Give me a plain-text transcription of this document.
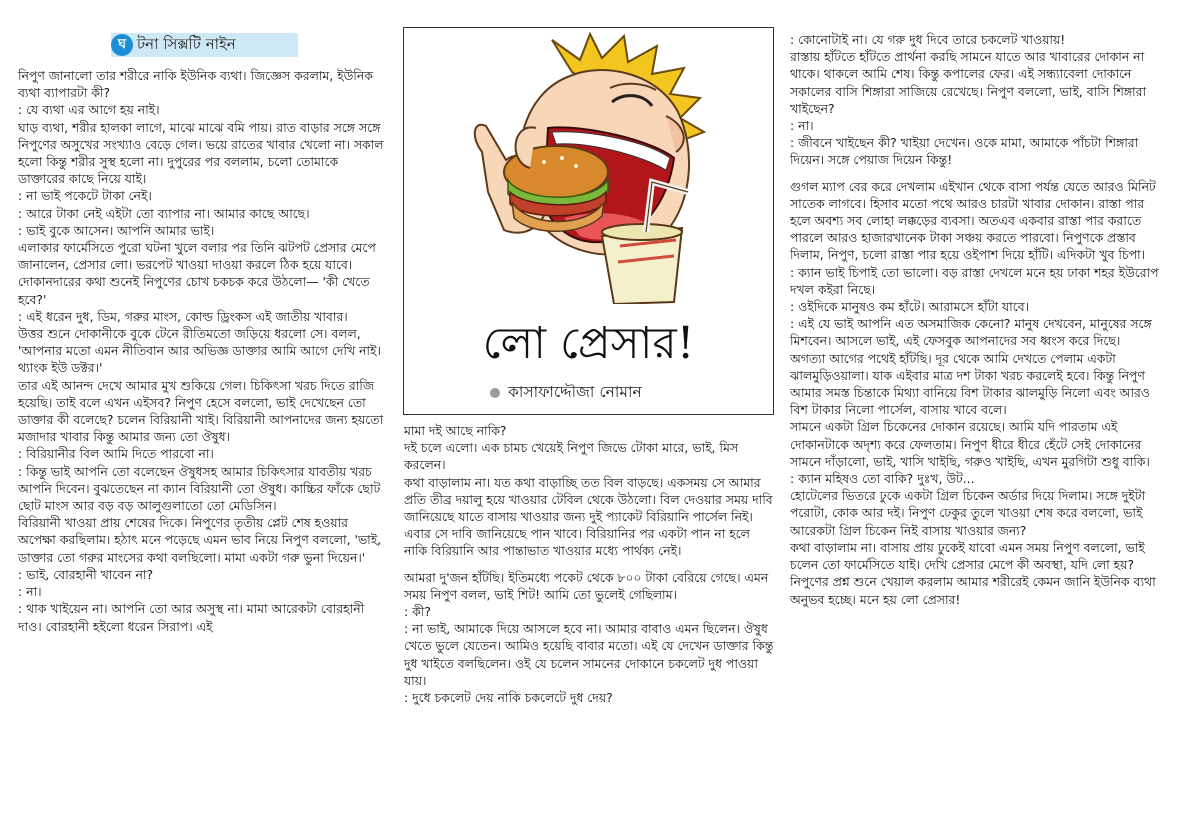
ঘ টনা সিক্সটি নাইন

নিপুণ জানালো তার শরীরে নাকি ইউনিক ব্যথা। জিজ্ঞেস করলাম, ইউনিক ব্যথা ব্যাপারটা কী?

: যে ব্যথা এর আগে হয় নাই।

ঘাড় ব্যথা, শরীর হালকা লাগে, মাঝে মাঝে বমি পায়। রাত বাড়ার সঙ্গে সঙ্গে নিপুণের অসুখের সংখ্যাও বেড়ে গেল। ভয়ে রাতের খাবার খেলো না। সকাল হলো কিন্তু শরীর সুস্থ হলো না। দুপুরের পর বললাম, চলো তোমাকে ডাক্তারের কাছে নিয়ে যাই।

: না ভাই পকেটে টাকা নেই।

: আরে টাকা নেই এইটা তো ব্যাপার না। আমার কাছে আছে।

: ভাই বুকে আসেন। আপনি আমার ভাই।

এলাকার ফার্মেসিতে পুরো ঘটনা খুলে বলার পর তিনি ঝটপট প্রেসার মেপে জানালেন, প্রেসার লো। ভরপেট খাওয়া দাওয়া করলে ঠিক হয়ে যাবে। দোকানদারের কথা শুনেই নিপুণের চোখ চকচক করে উঠলো— 'কী খেতে হবে?'

: এই ধরেন দুধ, ডিম, গরুর মাংস, কোল্ড ড্রিংকস এই জাতীয় খাবার।

উত্তর শুনে দোকানীকে বুকে টেনে রীতিমতো জড়িয়ে ধরলো সে। বলল, 'আপনার মতো এমন নীতিবান আর অভিজ্ঞ ডাক্তার আমি আগে দেখি নাই। থ্যাংক ইউ ডক্টর।'

তার এই আনন্দ দেখে আমার মুখ শুকিয়ে গেল। চিকিৎসা খরচ দিতে রাজি হয়েছি। তাই বলে এখন এইসব? নিপুণ হেসে বললো, ভাই দেখেছেন তো ডাক্তার কী বলেছে? চলেন বিরিয়ানী খাই। বিরিয়ানী আপনাদের জন্য হয়তো মজাদার খাবার কিন্তু আমার জন্য তো ঔষুধ।

: বিরিয়ানীর বিল আমি দিতে পারবো না।

: কিন্তু ভাই আপনি তো বলেছেন ঔষুধসহ আমার চিকিৎসার যাবতীয় খরচ আপনি দিবেন। বুঝতেছেন না ক্যান বিরিয়ানী তো ঔষুধ। কাচ্চির ফাঁকে ছোট ছোট মাংস আর বড় বড় আলুগুলাতো তো মেডিসিন।

বিরিয়ানী খাওয়া প্রায় শেষের দিকে। নিপুণের তৃতীয় প্লেট শেষ হওয়ার অপেক্ষা করছিলাম। হঠাৎ মনে পড়েছে এমন ভাব নিয়ে নিপুণ বললো, 'ভাই, ডাক্তার তো গরুর মাংসের কথা বলছিলো। মামা একটা গরু ভুনা দিয়েন।'

: ভাই, বোরহানী খাবেন না?

: না।

: থাক খাইয়েন না। আপনি তো আর অসুস্থ না। মামা আরেকটা বোরহানী দাও। বোরহানী হইলো ধরেন সিরাপ। এই

লো প্রেসার!
কাসাফাদ্দৌজা নোমান

মামা দই আছে নাকি?

দই চলে এলো। এক চামচ খেয়েই নিপুণ জিভে টোকা মারে, ভাই, মিস করলেন।

কথা বাড়ালাম না। যত কথা বাড়াচ্ছি তত বিল বাড়ছে। একসময় সে আমার প্রতি তীব্র দয়ালু হয়ে খাওয়ার টেবিল থেকে উঠলো। বিল দেওয়ার সময় দাবি জানিয়েছে যাতে বাসায় খাওয়ার জন্য দুই প্যাকেট বিরিয়ানি পার্সেল নিই।

এবার সে দাবি জানিয়েছে পান খাবে। বিরিয়ানির পর একটা পান না হলে নাকি বিরিয়ানি আর পান্তাভাত খাওয়ার মধ্যে পার্থক্য নেই।

আমরা দু'জন হাঁটছি। ইতিমধ্যে পকেট থেকে ৮০০ টাকা বেরিয়ে গেছে। এমন সময় নিপুণ বলল, ভাই শিট! আমি তো ভুলেই গেছিলাম।

: কী?

: না ভাই, আমাকে দিয়ে আসলে হবে না। আমার বাবাও এমন ছিলেন। ঔষুধ খেতে ভুলে যেতেন। আমিও হয়েছি বাবার মতো। এই যে দেখেন ডাক্তার কিন্তু দুধ খাইতে বলছিলেন। ওই যে চলেন সামনের দোকানে চকলেট দুধ পাওয়া যায়।

: দুধে চকলেট দেয় নাকি চকলেটে দুধ দেয়?

: কোনোটাই না। যে গরু দুধ দিবে তারে চকলেট খাওয়ায়!

রাস্তায় হাঁটতে হাঁটতে প্রার্থনা করছি সামনে যাতে আর খাবারের দোকান না থাকে। থাকলে আমি শেষ। কিন্তু কপালের ফের। এই সন্ধ্যাবেলা দোকানে সকালের বাসি শিঙ্গারা সাজিয়ে রেখেছে। নিপুণ বললো, ভাই, বাসি শিঙ্গারা খাইছেন?

: না।

: জীবনে খাইছেন কী? খাইয়া দেখেন। ওকে মামা, আমাকে পাঁচটা শিঙ্গারা দিয়েন। সঙ্গে পেয়াজ দিয়েন কিন্তু!

গুগল ম্যাপ বের করে দেখলাম এইখান থেকে বাসা পর্যন্ত যেতে আরও মিনিট সাতেক লাগবে। হিসাব মতো পথে আরও চারটা খাবার দোকান। রাস্তা পার হলে অবশ্য সব লোহা লক্কড়ের ব্যবসা। অতএব একবার রাস্তা পার করাতে পারলে আরও হাজারখানেক টাকা সঞ্চয় করতে পারবো। নিপুণকে প্রস্তাব দিলাম, নিপুণ, চলো রাস্তা পার হয়ে ওইপাশ দিয়ে হাঁটি। এদিকটা খুব চিপা।

: ক্যান ভাই চিপাই তো ভালো। বড় রাস্তা দেখলে মনে হয় ঢাকা শহর ইউরোপ দখল কইরা নিছে।

: ওইদিকে মানুষও কম হাঁটে। আরামসে হাঁটা যাবে।

: এই যে ভাই আপনি এত অসমাজিক কেনো? মানুষ দেখবেন, মানুষের সঙ্গে মিশবেন। আসলে ভাই, এই ফেসবুক আপনাদের সব ধ্বংস করে দিছে।

অগত্যা আগের পথেই হাঁটছি। দূর থেকে আমি দেখতে পেলাম একটা ঝালমুড়িওয়ালা। যাক এইবার মাত্র দশ টাকা খরচ করলেই হবে। কিন্তু নিপুণ আমার সমস্ত চিন্তাকে মিথ্যা বানিয়ে বিশ টাকার ঝালমুড়ি নিলো এবং আরও বিশ টাকার নিলো পার্সেল, বাসায় খাবে বলে।

সামনে একটা গ্রিল চিকেনের দোকান রয়েছে। আমি যদি পারতাম এই দোকানটাকে অদৃশ্য করে ফেলতাম। নিপুণ ধীরে ধীরে হেঁটে সেই দোকানের সামনে দাঁড়ালো, ভাই, খাসি খাইছি, গরুও খাইছি, এখন মুরগিটা শুধু বাকি।

: ক্যান মহিষও তো বাকি? দুঃখ, উট...

হোটেলের ভিতরে ঢুকে একটা গ্রিল চিকেন অর্ডার দিয়ে দিলাম। সঙ্গে দুইটা পরোটা, কোক আর দই। নিপুণ ঢেকুর তুলে খাওয়া শেষ করে বললো, ভাই আরেকটা গ্রিল চিকেন নিই বাসায় খাওয়ার জন্য?

কথা বাড়ালাম না। বাসায় প্রায় ঢুকেই যাবো এমন সময় নিপুণ বললো, ভাই চলেন তো ফার্মেসিতে যাই। দেখি প্রেসার মেপে কী অবস্থা, যদি লো হয়?

নিপুণের প্রশ্ন শুনে খেয়াল করলাম আমার শরীরেই কেমন জানি ইউনিক ব্যথা অনুভব হচ্ছে। মনে হয় লো প্রেসার!
